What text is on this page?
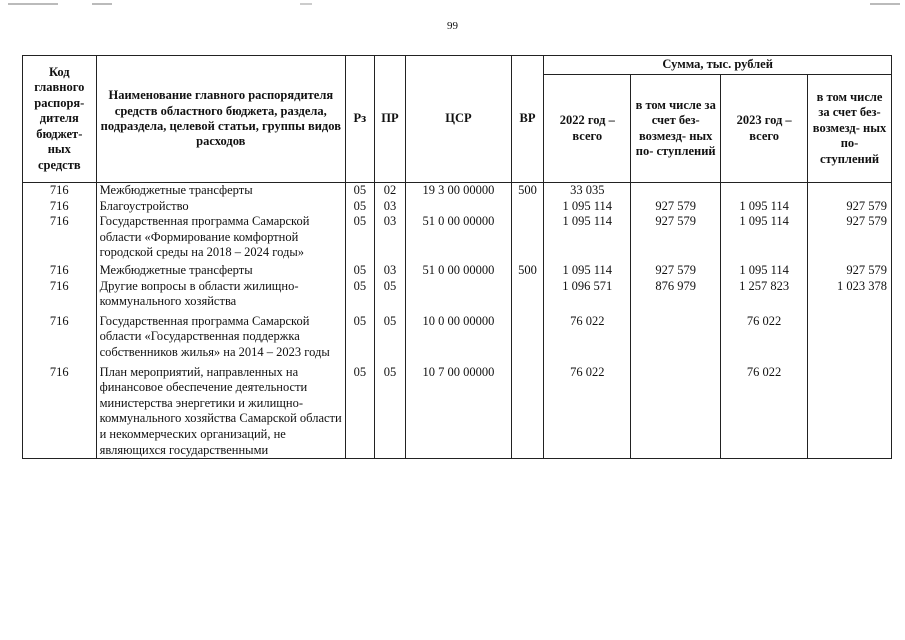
99
Код главного распоря- дителя бюджет- ных средств	Наименование главного распорядителя средств областного бюджета, раздела, подраздела, целевой статьи, группы видов расходов	Рз	ПР	ЦСР	ВР	Сумма, тыс. рублей			
						2022 год – всего	в том числе за счет без- возмезд- ных по- ступлений	2023 год – всего	в том числе за счет без- возмезд- ных по- ступлений
716	Межбюджетные трансферты	05	02	19 3 00 00000	500	33 035			
716	Благоустройство	05	03			1 095 114	927 579	1 095 114	927 579
716	Государственная программа Самарской области «Формирование комфортной городской среды на 2018 – 2024 годы»	05	03	51 0 00 00000		1 095 114	927 579	1 095 114	927 579
716	Межбюджетные трансферты	05	03	51 0 00 00000	500	1 095 114	927 579	1 095 114	927 579
716	Другие вопросы в области жилищно-коммунального хозяйства	05	05			1 096 571	876 979	1 257 823	1 023 378
716	Государственная программа Самарской области «Государственная поддержка собственников жилья» на 2014 – 2023 годы	05	05	10 0 00 00000		76 022		76 022	
716	План мероприятий, направленных на финансовое обеспечение деятельности министерства энергетики и жилищно-коммунального хозяйства Самарской области и некоммерческих организаций, не являющихся государственными	05	05	10 7 00 00000		76 022		76 022	
